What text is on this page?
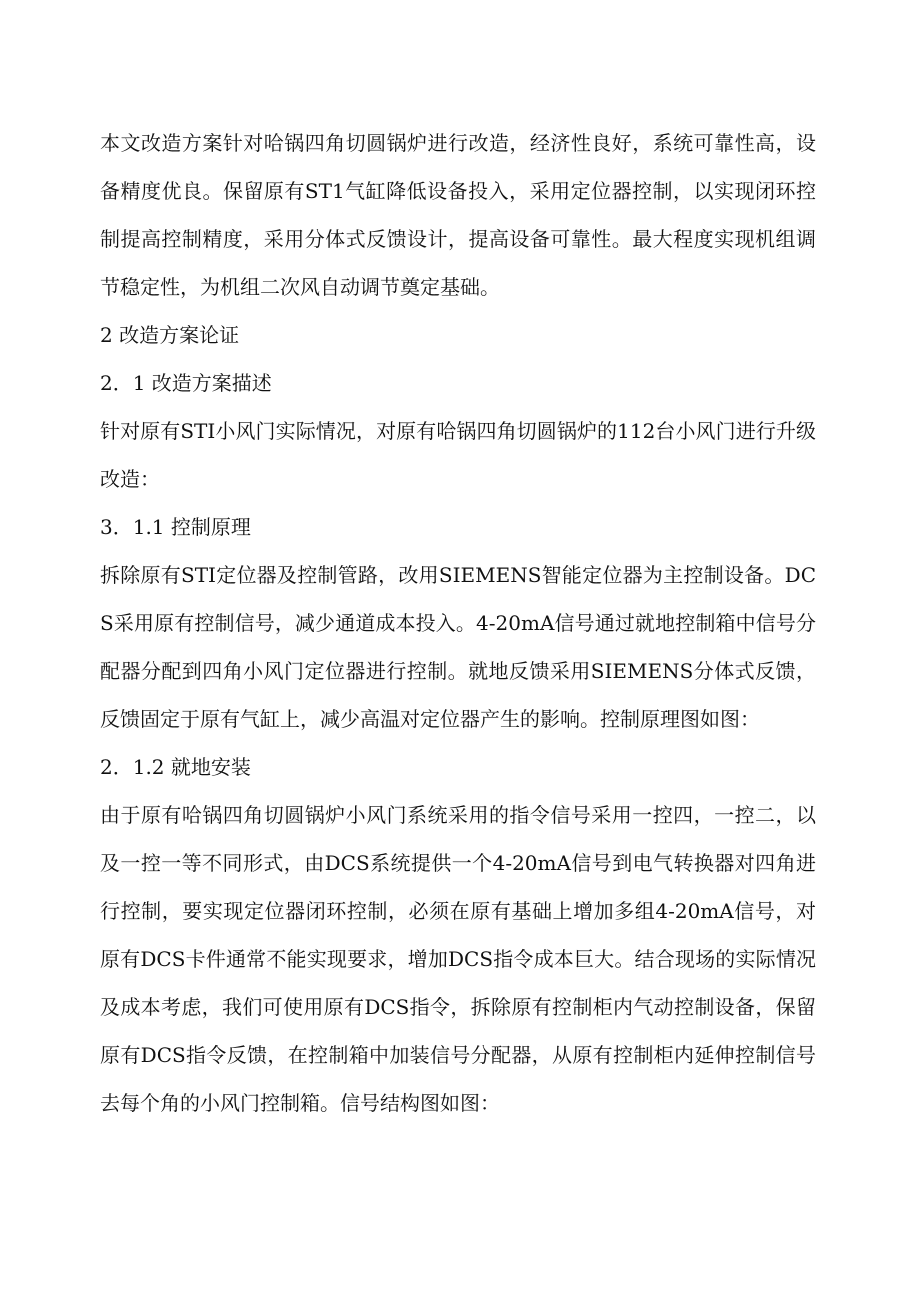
本文改造方案针对哈锅四角切圆锅炉进行改造，经济性良好，系统可靠性高，设备精度优良。保留原有ST1气缸降低设备投入，采用定位器控制，以实现闭环控制提高控制精度，采用分体式反馈设计，提高设备可靠性。最大程度实现机组调节稳定性，为机组二次风自动调节奠定基础。

2 改造方案论证

2．1 改造方案描述

针对原有STI小风门实际情况，对原有哈锅四角切圆锅炉的112台小风门进行升级改造：

3．1.1 控制原理

拆除原有STI定位器及控制管路，改用SIEMENS智能定位器为主控制设备。DCS采用原有控制信号，减少通道成本投入。4-20mA信号通过就地控制箱中信号分配器分配到四角小风门定位器进行控制。就地反馈采用SIEMENS分体式反馈，反馈固定于原有气缸上，减少高温对定位器产生的影响。控制原理图如图：

2．1.2 就地安装

由于原有哈锅四角切圆锅炉小风门系统采用的指令信号采用一控四，一控二，以及一控一等不同形式，由DCS系统提供一个4-20mA信号到电气转换器对四角进行控制，要实现定位器闭环控制，必须在原有基础上增加多组4-20mA信号，对原有DCS卡件通常不能实现要求，增加DCS指令成本巨大。结合现场的实际情况及成本考虑，我们可使用原有DCS指令，拆除原有控制柜内气动控制设备，保留原有DCS指令反馈，在控制箱中加装信号分配器，从原有控制柜内延伸控制信号去每个角的小风门控制箱。信号结构图如图：
